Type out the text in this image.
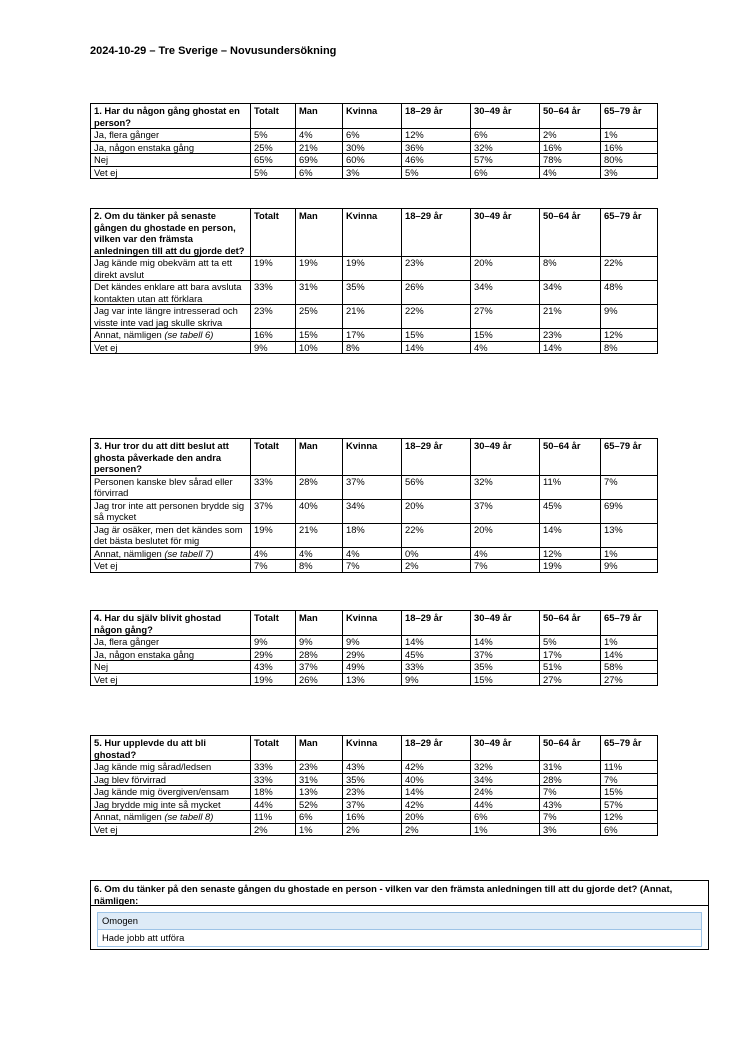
2024-10-29 – Tre Sverige – Novusundersökning
1. Har du någon gång ghostat en person?	Totalt	Man	Kvinna	18–29 år	30–49 år	50–64 år	65–79 år
Ja, flera gånger	5%	4%	6%	12%	6%	2%	1%
Ja, någon enstaka gång	25%	21%	30%	36%	32%	16%	16%
Nej	65%	69%	60%	46%	57%	78%	80%
Vet ej	5%	6%	3%	5%	6%	4%	3%
2. Om du tänker på senaste gången du ghostade en person, vilken var den främsta anledningen till att du gjorde det?	Totalt	Man	Kvinna	18–29 år	30–49 år	50–64 år	65–79 år
Jag kände mig obekväm att ta ett direkt avslut	19%	19%	19%	23%	20%	8%	22%
Det kändes enklare att bara avsluta kontakten utan att förklara	33%	31%	35%	26%	34%	34%	48%
Jag var inte längre intresserad och visste inte vad jag skulle skriva	23%	25%	21%	22%	27%	21%	9%
Annat, nämligen (se tabell 6)	16%	15%	17%	15%	15%	23%	12%
Vet ej	9%	10%	8%	14%	4%	14%	8%
3. Hur tror du att ditt beslut att ghosta påverkade den andra personen?	Totalt	Man	Kvinna	18–29 år	30–49 år	50–64 år	65–79 år
Personen kanske blev sårad eller förvirrad	33%	28%	37%	56%	32%	11%	7%
Jag tror inte att personen brydde sig så mycket	37%	40%	34%	20%	37%	45%	69%
Jag är osäker, men det kändes som det bästa beslutet för mig	19%	21%	18%	22%	20%	14%	13%
Annat, nämligen (se tabell 7)	4%	4%	4%	0%	4%	12%	1%
Vet ej	7%	8%	7%	2%	7%	19%	9%
4. Har du själv blivit ghostad någon gång?	Totalt	Man	Kvinna	18–29 år	30–49 år	50–64 år	65–79 år
Ja, flera gånger	9%	9%	9%	14%	14%	5%	1%
Ja, någon enstaka gång	29%	28%	29%	45%	37%	17%	14%
Nej	43%	37%	49%	33%	35%	51%	58%
Vet ej	19%	26%	13%	9%	15%	27%	27%
5. Hur upplevde du att bli ghostad?	Totalt	Man	Kvinna	18–29 år	30–49 år	50–64 år	65–79 år
Jag kände mig sårad/ledsen	33%	23%	43%	42%	32%	31%	11%
Jag blev förvirrad	33%	31%	35%	40%	34%	28%	7%
Jag kände mig övergiven/ensam	18%	13%	23%	14%	24%	7%	15%
Jag brydde mig inte så mycket	44%	52%	37%	42%	44%	43%	57%
Annat, nämligen (se tabell 8)	11%	6%	16%	20%	6%	7%	12%
Vet ej	2%	1%	2%	2%	1%	3%	6%
6. Om du tänker på den senaste gången du ghostade en person - vilken var den främsta anledningen till att du gjorde det? (Annat, nämligen:
Omogen
Hade jobb att utföra
